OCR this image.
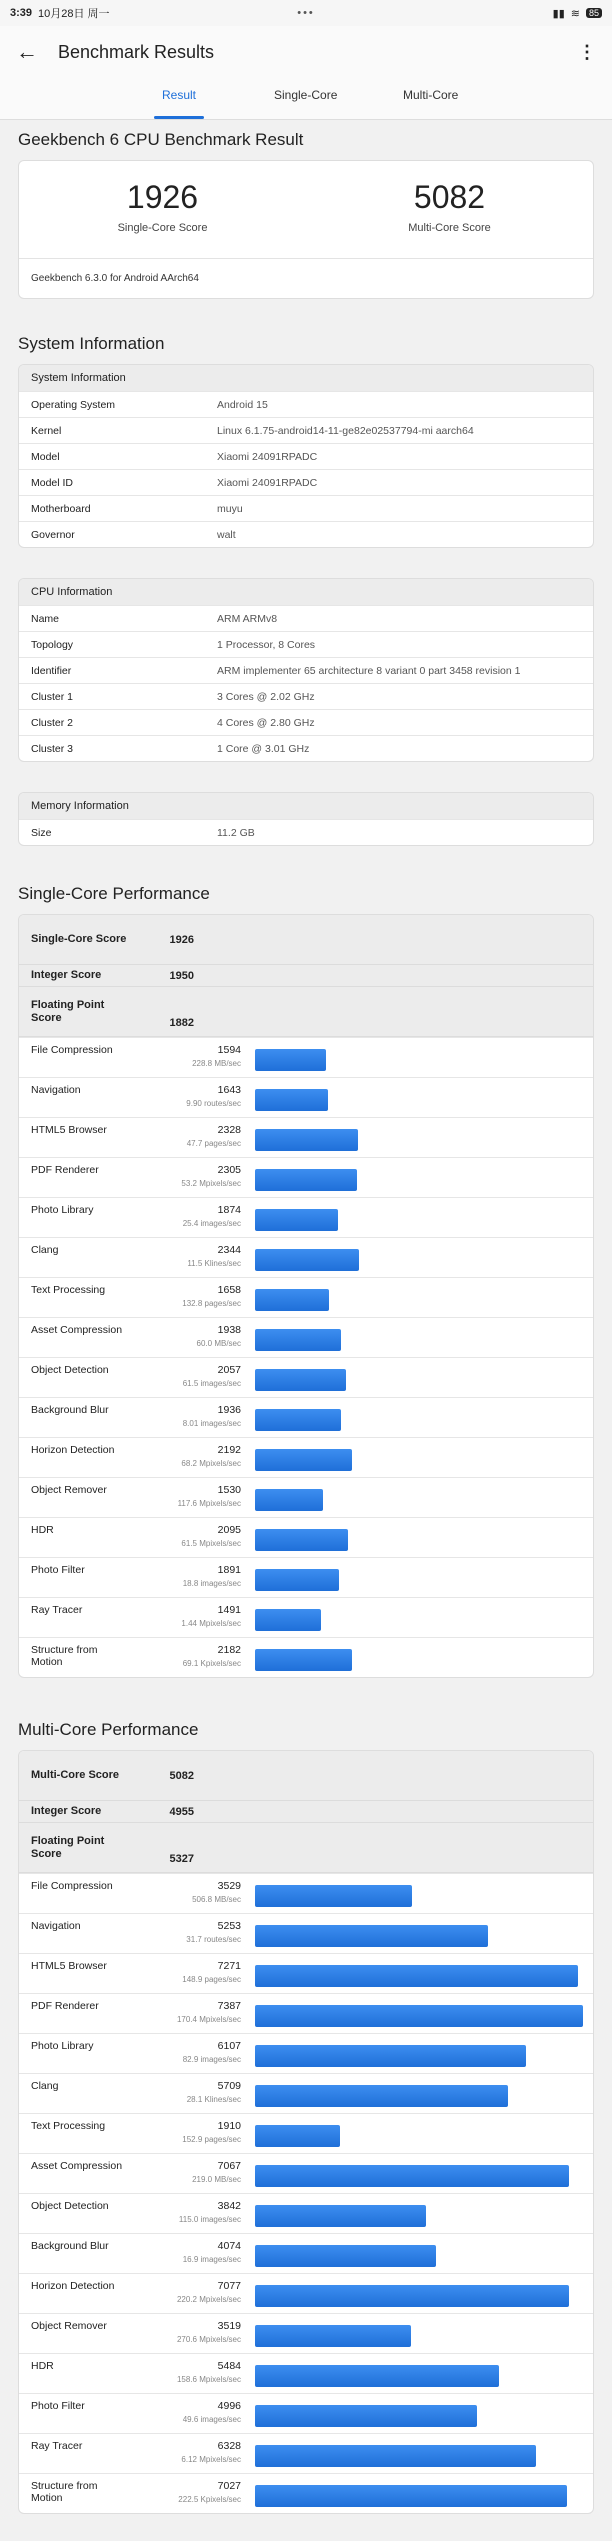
3:39 10月28日 周一	•••	▮▮ ≋	85
← Benchmark Results	⋮
Result	Single-Core	Multi-Core
Geekbench 6 CPU Benchmark Result
1926
Single-Core Score
5082
Multi-Core Score
Geekbench 6.3.0 for Android AArch64
System Information
System Information
Operating System	Android 15
Kernel	Linux 6.1.75-android14-11-ge82e02537794-mi aarch64
Model	Xiaomi 24091RPADC
Model ID	Xiaomi 24091RPADC
Motherboard	muyu
Governor	walt
CPU Information
Name	ARM ARMv8
Topology	1 Processor, 8 Cores
Identifier	ARM implementer 65 architecture 8 variant 0 part 3458 revision 1
Cluster 1	3 Cores @ 2.02 GHz
Cluster 2	4 Cores @ 2.80 GHz
Cluster 3	1 Core @ 3.01 GHz
Memory Information
Size	11.2 GB
Single-Core Performance
Single-Core Score	1926
Integer Score	1950
Floating Point Score	1882
File Compression	1594
228.8 MB/sec
Navigation	1643
9.90 routes/sec
HTML5 Browser	2328
47.7 pages/sec
PDF Renderer	2305
53.2 Mpixels/sec
Photo Library	1874
25.4 images/sec
Clang	2344
11.5 Klines/sec
Text Processing	1658
132.8 pages/sec
Asset Compression	1938
60.0 MB/sec
Object Detection	2057
61.5 images/sec
Background Blur	1936
8.01 images/sec
Horizon Detection	2192
68.2 Mpixels/sec
Object Remover	1530
117.6 Mpixels/sec
HDR	2095
61.5 Mpixels/sec
Photo Filter	1891
18.8 images/sec
Ray Tracer	1491
1.44 Mpixels/sec
Structure from Motion
2182
69.1 Kpixels/sec
Multi-Core Performance
Multi-Core Score	5082
Integer Score	4955
Floating Point Score	5327
File Compression	3529
506.8 MB/sec
Navigation	5253
31.7 routes/sec
HTML5 Browser	7271
148.9 pages/sec
PDF Renderer	7387
170.4 Mpixels/sec
Photo Library	6107
82.9 images/sec
Clang	5709
28.1 Klines/sec
Text Processing	1910
152.9 pages/sec
Asset Compression	7067
219.0 MB/sec
Object Detection	3842
115.0 images/sec
Background Blur	4074
16.9 images/sec
Horizon Detection	7077
220.2 Mpixels/sec
Object Remover	3519
270.6 Mpixels/sec
HDR	5484
158.6 Mpixels/sec
Photo Filter	4996
49.6 images/sec
Ray Tracer	6328
6.12 Mpixels/sec
Structure from Motion
7027
222.5 Kpixels/sec
